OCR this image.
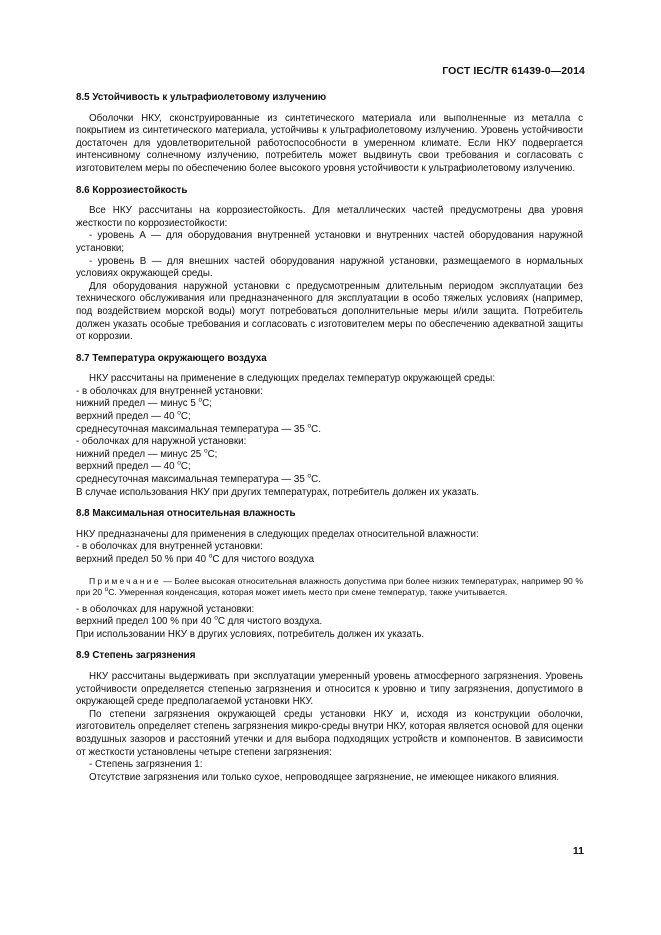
ГОСТ IEC/TR 61439-0—2014
8.5 Устойчивость к ультрафиолетовому излучению

Оболочки НКУ, сконструированные из синтетического материала или выполненные из металла с покрытием из синтетического материала, устойчивы к ультрафиолетовому излучению. Уровень устойчивости достаточен для удовлетворительной работоспособности в умеренном климате. Если НКУ подвергается интенсивному солнечному излучению, потребитель может выдвинуть свои требования и согласовать с изготовителем меры по обеспечению более высокого уровня устойчивости к ультрафиолетовому излучению.

8.6 Коррозиестойкость

Все НКУ рассчитаны на коррозиестойкость. Для металлических частей предусмотрены два уровня жесткости по коррозиестойкости:

- уровень А — для оборудования внутренней установки и внутренних частей оборудования наружной установки;

- уровень В — для внешних частей оборудования наружной установки, размещаемого в нормальных условиях окружающей среды.

Для оборудования наружной установки с предусмотренным длительным периодом эксплуатации без технического обслуживания или предназначенного для эксплуатации в особо тяжелых условиях (например, под воздействием морской воды) могут потребоваться дополнительные меры и/или защита. Потребитель должен указать особые требования и согласовать с изготовителем меры по обеспечению адекватной защиты от коррозии.

8.7 Температура окружающего воздуха

НКУ рассчитаны на применение в следующих пределах температур окружающей среды:

- в оболочках для внутренней установки:

нижний предел — минус 5 $^o$С;

верхний предел — 40 $^o$С;

среднесуточная максимальная температура — 35 $^o$С.

- оболочках для наружной установки:

нижний предел — минус 25 $^o$С;

верхний предел — 40 $^o$С;

среднесуточная максимальная температура — 35 $^o$С.

В случае использования НКУ при других температурах, потребитель должен их указать.

8.8 Максимальная относительная влажность

НКУ предназначены для применения в следующих пределах относительной влажности:

- в оболочках для внутренней установки:

верхний предел 50 % при 40 $^o$С для чистого воздуха

Примечание — Более высокая относительная влажность допустима при более низких температурах, например 90 % при 20 $^o$С. Умеренная конденсация, которая может иметь место при смене температур, также учитывается.

- в оболочках для наружной установки:

верхний предел 100 % при 40 $^o$С для чистого воздуха.

При использовании НКУ в других условиях, потребитель должен их указать.

8.9 Степень загрязнения

НКУ рассчитаны выдерживать при эксплуатации умеренный уровень атмосферного загрязнения. Уровень устойчивости определяется степенью загрязнения и относится к уровню и типу загрязнения, допустимого в окружающей среде предполагаемой установки НКУ.

По степени загрязнения окружающей среды установки НКУ и, исходя из конструкции оболочки, изготовитель определяет степень загрязнения микро-среды внутри НКУ, которая является основой для оценки воздушных зазоров и расстояний утечки и для выбора подходящих устройств и компонентов. В зависимости от жесткости установлены четыре степени загрязнения:

- Степень загрязнения 1:

Отсутствие загрязнения или только сухое, непроводящее загрязнение, не имеющее никакого влияния.

11
